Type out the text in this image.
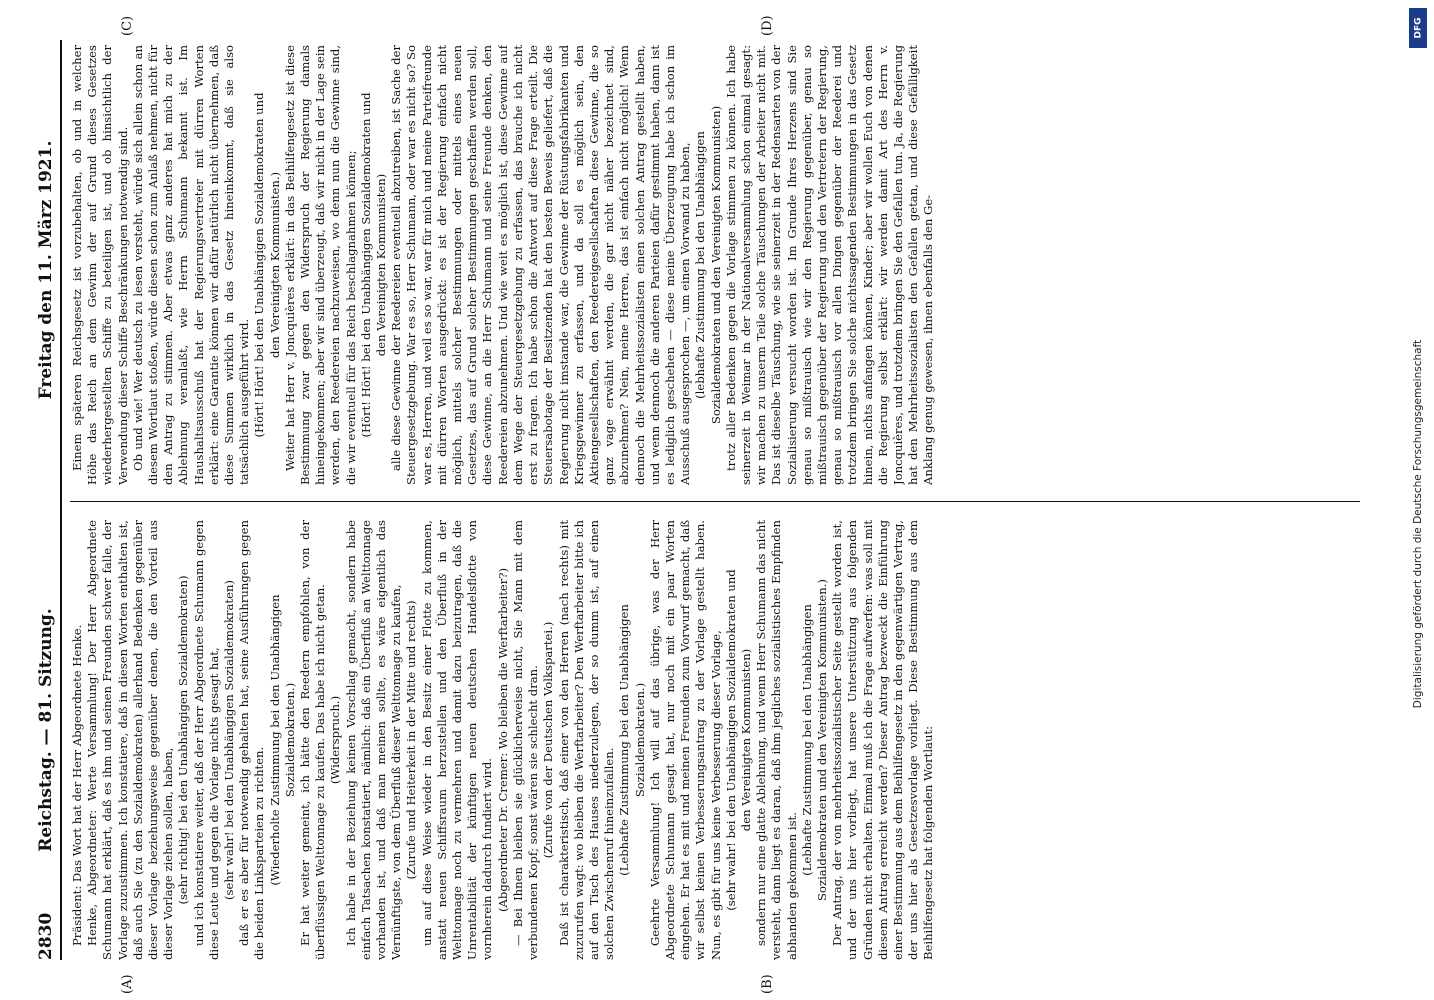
2830
Reichstag. — 81. Sitzung.
Freitag den 11. März 1921.
(A)	(B)
(C)	(D)

Präsident: Das Wort hat der Herr Abgeordnete Henke. Henke, Abgeordneter: Werte Versammlung! Der Herr Abgeordnete Schumann hat erklärt, daß es ihm und seinen Freunden schwer falle, der Vorlage zuzustimmen. Ich konstatiere, daß in diesen Worten enthalten ist, daß auch Sie (zu den Sozialdemokraten) allerhand Bedenken gegenüber dieser Vorlage beziehungsweise gegenüber denen, die den Vorteil aus dieser Vorlage ziehen sollen, haben, (sehr richtig! bei den Unabhängigen Sozialdemokraten) und ich konstatiere weiter, daß der Herr Abgeordnete Schumann gegen diese Leute und gegen die Vorlage nichts gesagt hat, (sehr wahr! bei den Unabhängigen Sozialdemokraten) daß er es aber für notwendig gehalten hat, seine Ausführungen gegen die beiden Linksparteien zu richten. (Wiederholte Zustimmung bei den Unabhängigen Sozialdemokraten.) Er hat weiter gemeint, ich hätte den Reedern empfohlen, von der überflüssigen Welttonnage zu kaufen. Das habe ich nicht getan. (Widerspruch.) Ich habe in der Beziehung keinen Vorschlag gemacht, sondern habe einfach Tatsachen konstatiert, nämlich: daß ein Überfluß an Welttonnage vorhanden ist, und daß man meinen sollte, es wäre eigentlich das Vernünftigste, von dem Überfluß dieser Welttonnage zu kaufen, (Zurufe und Heiterkeit in der Mitte und rechts) um auf diese Weise wieder in den Besitz einer Flotte zu kommen, anstatt neuen Schiffsraum herzustellen und den Überfluß in der Welttonnage noch zu vermehren und damit dazu beizutragen, daß die Unrentabilität der künftigen neuen deutschen Handelsflotte von vornherein dadurch fundiert wird. (Abgeordneter Dr. Cremer: Wo bleiben die Werftarbeiter?) — Bei Ihnen bleiben sie glücklicherweise nicht, Sie Mann mit dem verbundenen Kopf; sonst wären sie schlecht dran. (Zurufe von der Deutschen Volkspartei.) Daß ist charakteristisch, daß einer von den Herren (nach rechts) mit zuzurufen wagt: wo bleiben die Werftarbeiter? Den Werftarbeiter bitte ich auf den Tisch des Hauses niederzulegen, der so dumm ist, auf einen solchen Zwischenruf hineinzufallen. (Lebhafte Zustimmung bei den Unabhängigen Sozialdemokraten.) Geehrte Versammlung! Ich will auf das übrige, was der Herr Abgeordnete Schumann gesagt hat, nur noch mit ein paar Worten eingehen. Er hat es mit und meinen Freunden zum Vorwurf gemacht, daß wir selbst keinen Verbesserungsantrag zu der Vorlage gestellt haben. Nun, es gibt für uns keine Verbesserung dieser Vorlage, (sehr wahr! bei den Unabhängigen Sozialdemokraten und den Vereinigten Kommunisten) sondern nur eine glatte Ablehnung, und wenn Herr Schumann das nicht versteht, dann liegt es daran, daß ihm jegliches sozialistisches Empfinden abhanden gekommen ist.

(Lebhafte Zustimmung bei den Unabhängigen Sozialdemokraten und den Vereinigten Kommunisten.) Der Antrag, der von mehrheitssozialistischer Seite gestellt worden ist, und der uns hier vorliegt, hat unsere Unterstützung aus folgenden Gründen nicht erhalten. Einmal muß ich die Frage aufwerfen: was soll mit diesem Antrag erreicht werden? Dieser Antrag bezweckt die Einführung einer Bestimmung aus dem Beihilfengesetz in den gegenwärtigen Vertrag, der uns hier als Gesetzesvorlage vorliegt. Diese Bestimmung aus dem Beihilfengesetz hat folgenden Wortlaut:

Einem späteren Reichsgesetz ist vorzubehalten, ob und in welcher Höhe das Reich an dem Gewinn der auf Grund dieses Gesetzes wiederhergestellten Schiffe zu beteiligen ist, und ob hinsichtlich der Verwendung dieser Schiffe Beschränkungen notwendig sind. Ob und wie! Wer deutsch zu lesen versteht, würde sich allein schon an diesem Wortlaut stoßen, würde diesen schon zum Anlaß nehmen, nicht für den Antrag zu stimmen. Aber etwas ganz anderes hat mich zu der Ablehnung veranlaßt, wie Herrn Schumann bekannt ist. Im Haushaltsausschuß hat der Regierungsvertreter mit dürren Worten erklärt: eine Garantie können wir dafür natürlich nicht übernehmen, daß diese Summen wirklich in das Gesetz hineinkommt, daß sie also tatsächlich ausgeführt wird. (Hört! Hört! bei den Unabhängigen Sozialdemokraten und den Vereinigten Kommunisten.) Weiter hat Herr v. Joncquières erklärt: in das Beihilfengesetz ist diese Bestimmung zwar gegen den Widerspruch der Regierung damals hineingekommen; aber wir sind überzeugt, daß wir nicht in der Lage sein werden, den Reedereien nachzuweisen, wo denn nun die Gewinne sind, die wir eventuell für das Reich beschlagnahmen können; (Hört! Hört! bei den Unabhängigen Sozialdemokraten und den Vereinigten Kommunisten) alle diese Gewinne der Reedereien eventuell abzutreiben, ist Sache der Steuergesetzgebung. War es so, Herr Schumann, oder war es nicht so? So war es, Herren, und weil es so war, war für mich und meine Parteifreunde mit dürren Worten ausgedrückt: es ist der Regierung einfach nicht möglich, mittels solcher Bestimmungen oder mittels eines neuen Gesetzes, das auf Grund solcher Bestimmungen geschaffen werden soll, diese Gewinne, an die Herr Schumann und seine Freunde denken, den Reedereien abzunehmen. Und wie weit es möglich ist, diese Gewinne auf dem Wege der Steuergesetzgebung zu erfassen, das brauche ich nicht erst zu fragen. Ich habe schon die Antwort auf diese Frage erteilt. Die Steuersabotage der Besitzenden hat den besten Beweis geliefert, daß die Regierung nicht imstande war, die Gewinne der Rüstungsfabrikanten und Kriegsgewinner zu erfassen, und da soll es möglich sein, den Aktiengesellschaften, den Reedereigesellschaften diese Gewinne, die so ganz vage erwähnt werden, die gar nicht näher bezeichnet sind, abzunehmen? Nein, meine Herren, das ist einfach nicht möglich! Wenn dennoch die Mehrheitssozialisten einen solchen Antrag gestellt haben, und wenn dennoch die anderen Parteien dafür gestimmt haben, dann ist es lediglich geschehen — diese meine Überzeugung habe ich schon im Ausschuß ausgesprochen —, um einen Vorwand zu haben, (lebhafte Zustimmung bei den Unabhängigen Sozialdemokraten und den Vereinigten Kommunisten) trotz aller Bedenken gegen die Vorlage stimmen zu können. Ich habe seinerzeit in Weimar in der Nationalversammlung schon einmal gesagt: wir machen zu unserm Teile solche Täuschungen der Arbeiter nicht mit. Das ist dieselbe Täuschung, wie sie seinerzeit in der Redensarten von der Sozialisierung versucht worden ist. Im Grunde Ihres Herzens sind Sie genau so mißtrauisch wie wir den Regierung gegenüber, genau so mißtrauisch gegenüber der Regierung und den Vertretern der Regierung, genau so mißtrauisch vor allen Dingen gegenüber der Reederei und trotzdem bringen Sie solche nichtssagenden Bestimmungen in das Gesetz hinein, nichts anfangen können, Kinder; aber wir wollen Euch von denen die Regierung selbst erklärt: wir werden damit Art des Herrn v. Joncquières, und trotzdem bringen Sie den Gefallen tun. Ja, die Regierung hat den Mehrheitssozialisten den Gefallen getan, und diese Gefälligkeit Anklang genug gewesen, ihnen ebenfalls den Ge-

DFG
Digitalisierung gefördert durch die Deutsche Forschungsgemeinschaft
